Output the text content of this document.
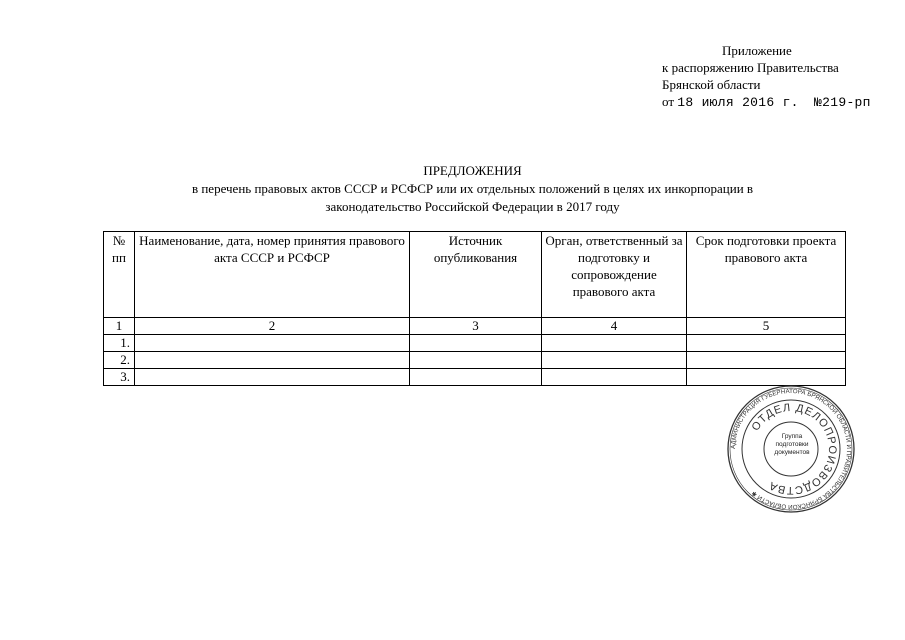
Приложение
к распоряжению Правительства
Брянской области
от 18 июля 2016 г. №219-рп
ПРЕДЛОЖЕНИЯ
в перечень правовых актов СССР и РСФСР или их отдельных положений в целях их инкорпорации в
законодательство Российской Федерации в 2017 году
№ пп	Наименование, дата, номер принятия правового акта СССР и РСФСР	Источник опубликования	Орган, ответственный за подготовку и сопровождение правового акта	Срок подготовки проекта правового акта
1	2	3	4	5
1.				
2.				
3.				
АДМИНИСТРАЦИЯ ГУБЕРНАТОРА БРЯНСКОЙ ОБЛАСТИ И ПРАВИТЕЛЬСТВА БРЯНСКОЙ ОБЛАСТИ ✱
ОТДЕЛ ДЕЛОПРОИЗВОДСТВА
Группа
подготовки
документов
